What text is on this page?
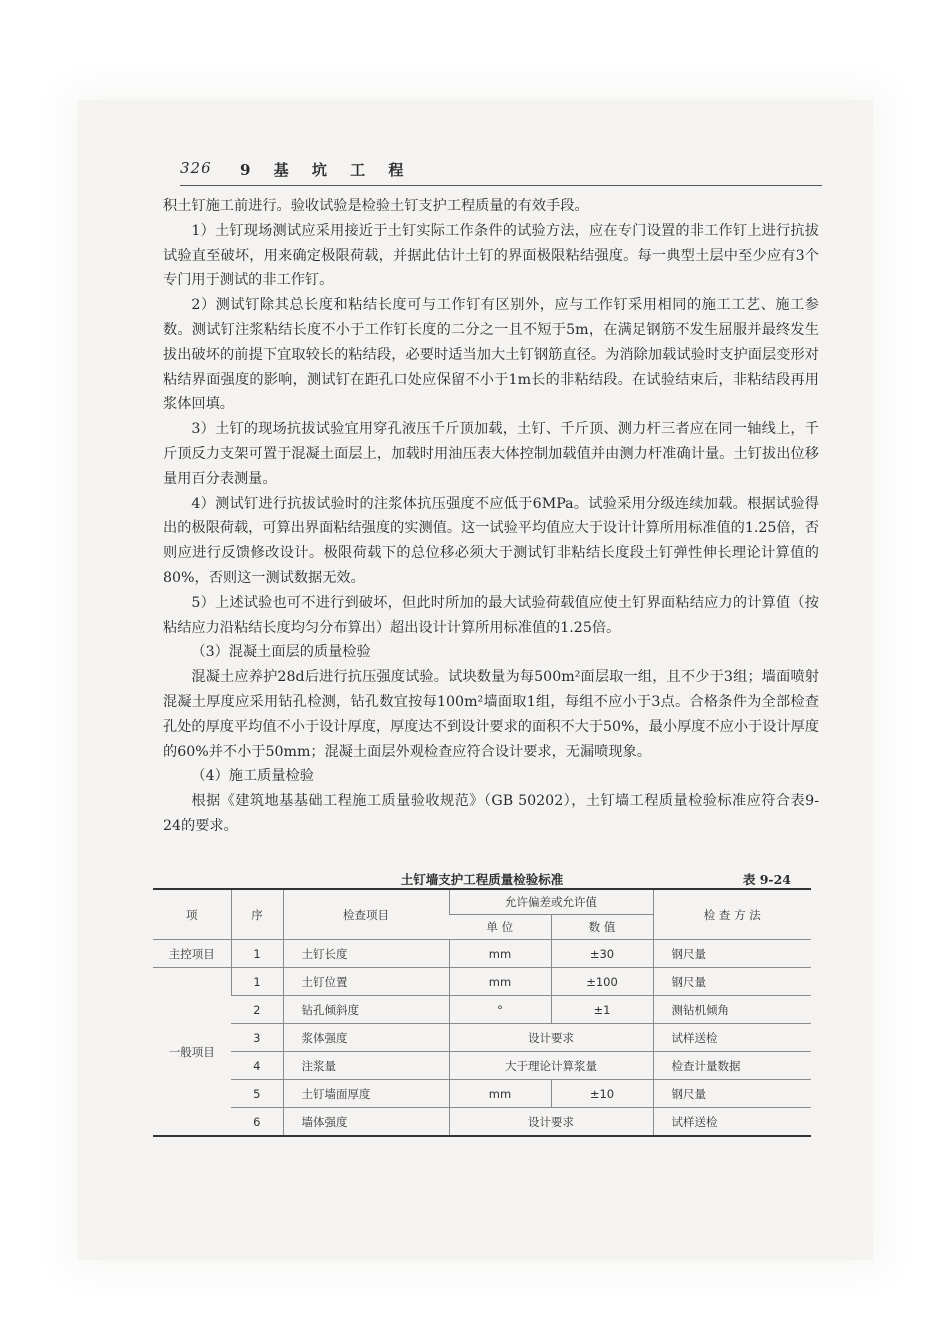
326 9 基 坑 工 程

积土钉施工前进行。验收试验是检验土钉支护工程质量的有效手段。

1）土钉现场测试应采用接近于土钉实际工作条件的试验方法，应在专门设置的非工作钉上进行抗拔试验直至破坏，用来确定极限荷载，并据此估计土钉的界面极限粘结强度。每一典型土层中至少应有3个专门用于测试的非工作钉。

2）测试钉除其总长度和粘结长度可与工作钉有区别外，应与工作钉采用相同的施工工艺、施工参数。测试钉注浆粘结长度不小于工作钉长度的二分之一且不短于5m，在满足钢筋不发生屈服并最终发生拔出破坏的前提下宜取较长的粘结段，必要时适当加大土钉钢筋直径。为消除加载试验时支护面层变形对粘结界面强度的影响，测试钉在距孔口处应保留不小于1m长的非粘结段。在试验结束后，非粘结段再用浆体回填。

3）土钉的现场抗拔试验宜用穿孔液压千斤顶加载，土钉、千斤顶、测力杆三者应在同一轴线上，千斤顶反力支架可置于混凝土面层上，加载时用油压表大体控制加载值并由测力杆准确计量。土钉拔出位移量用百分表测量。

4）测试钉进行抗拔试验时的注浆体抗压强度不应低于6MPa。试验采用分级连续加载。根据试验得出的极限荷载，可算出界面粘结强度的实测值。这一试验平均值应大于设计计算所用标准值的1.25倍，否则应进行反馈修改设计。极限荷载下的总位移必须大于测试钉非粘结长度段土钉弹性伸长理论计算值的80%，否则这一测试数据无效。

5）上述试验也可不进行到破坏，但此时所加的最大试验荷载值应使土钉界面粘结应力的计算值（按粘结应力沿粘结长度均匀分布算出）超出设计计算所用标准值的1.25倍。

（3）混凝土面层的质量检验

混凝土应养护28d后进行抗压强度试验。试块数量为每500m²面层取一组，且不少于3组；墙面喷射混凝土厚度应采用钻孔检测，钻孔数宜按每100m²墙面取1组，每组不应小于3点。合格条件为全部检查孔处的厚度平均值不小于设计厚度，厚度达不到设计要求的面积不大于50%，最小厚度不应小于设计厚度的60%并不小于50mm；混凝土面层外观检查应符合设计要求，无漏喷现象。

（4）施工质量检验

根据《建筑地基基础工程施工质量验收规范》（GB 50202），土钉墙工程质量检验标准应符合表9-24的要求。

土钉墙支护工程质量检验标准	表 9-24
项	序	检查项目	允许偏差或允许值		检 查 方 法
			单 位	数 值	
主控项目	1	土钉长度	mm	±30	钢尺量
一般项目	1	土钉位置	mm	±100	钢尺量
	2	钻孔倾斜度	°	±1	测钻机倾角
	3	浆体强度	设计要求		试样送检
	4	注浆量	大于理论计算浆量		检查计量数据
	5	土钉墙面厚度	mm	±10	钢尺量
	6	墙体强度	设计要求		试样送检
